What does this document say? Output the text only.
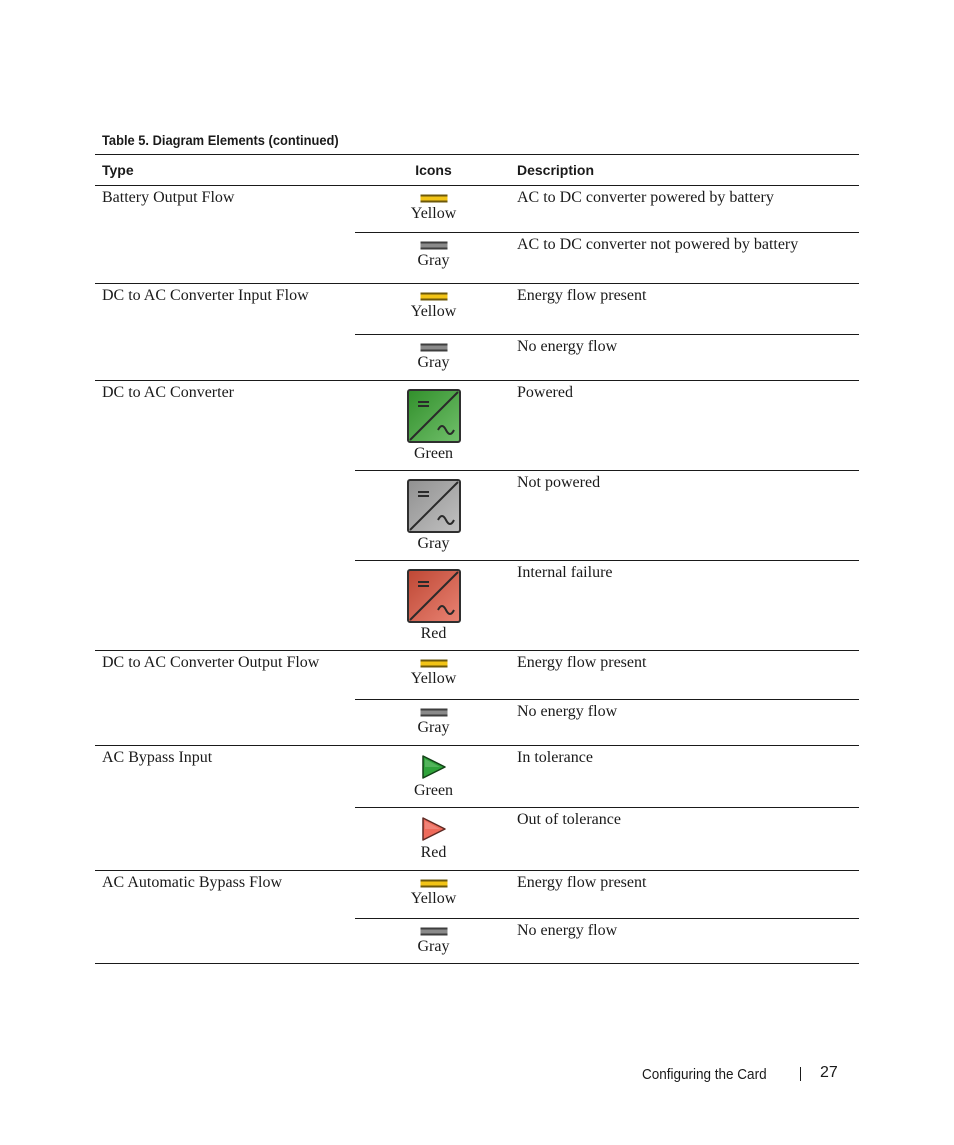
Table 5. Diagram Elements (continued)
Type	Icons	Description
Battery Output Flow	Yellow	AC to DC converter powered by battery

	Gray	AC to DC converter not powered by battery
DC to AC Converter Input Flow	Yellow	Energy flow present

	Gray	No energy flow
DC to AC Converter	Green	Powered

	Gray	Not powered

	Red	Internal failure
DC to AC Converter Output Flow	Yellow	Energy flow present

	Gray	No energy flow
AC Bypass Input	Green	In tolerance

	Red	Out of tolerance
AC Automatic Bypass Flow	Yellow	Energy flow present

	Gray	No energy flow
Configuring the Card	27
